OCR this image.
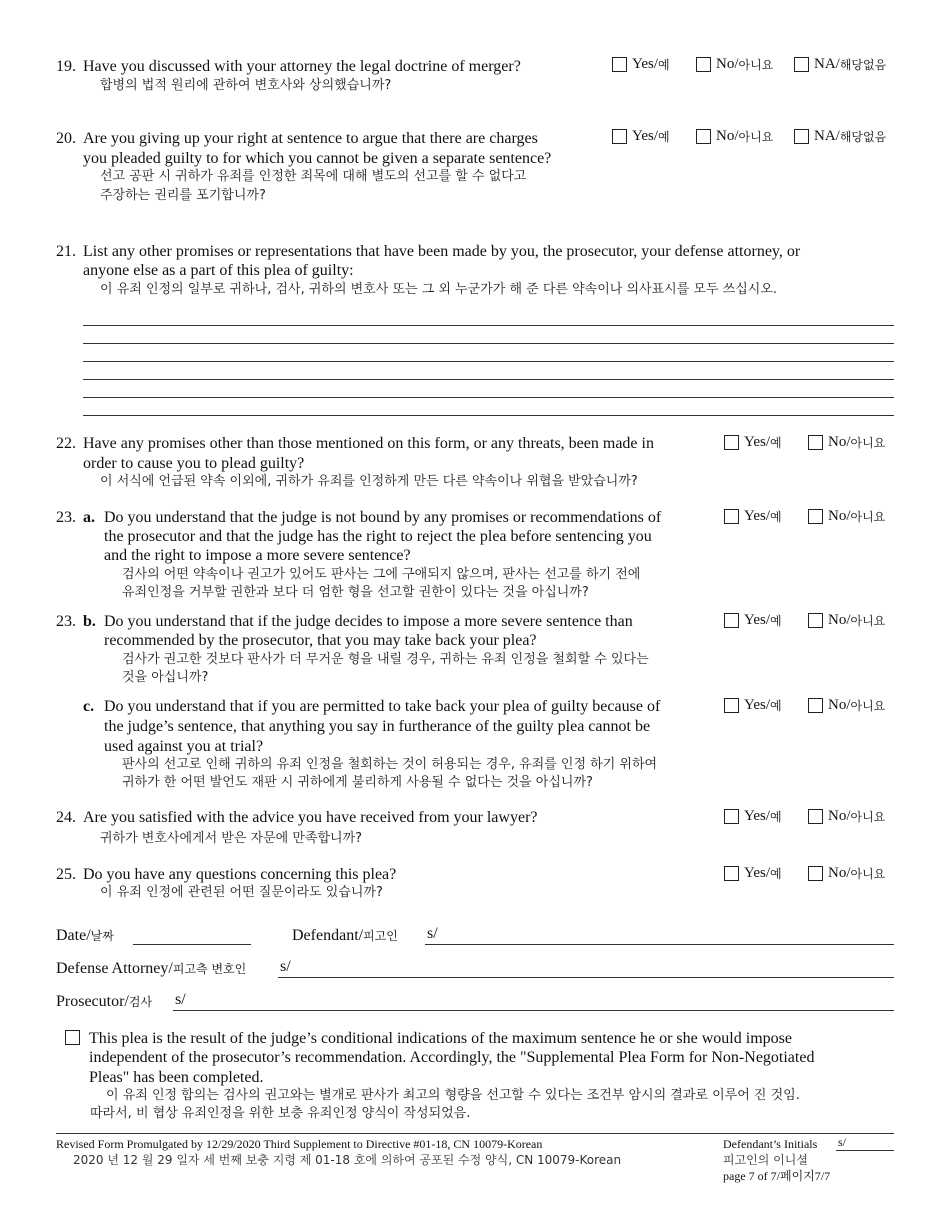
19. Have you discussed with your attorney the legal doctrine of merger?
합병의 법적 원리에 관하여 변호사와 상의했습니까?
Yes/ 예	No/ 아니요	NA/ 해당없음
20. Are you giving up your right at sentence to argue that there are charges
you pleaded guilty to for which you cannot be given a separate sentence?
선고 공판 시 귀하가 유죄를 인정한 죄목에 대해 별도의 선고를 할 수 없다고
주장하는 권리를 포기합니까?
Yes/ 예	No/ 아니요	NA/ 해당없음
21. List any other promises or representations that have been made by you, the prosecutor, your defense attorney, or
anyone else as a part of this plea of guilty:
이 유죄 인정의 일부로 귀하나, 검사, 귀하의 변호사 또는 그 외 누군가가 해 준 다른 약속이나 의사표시를 모두 쓰십시오.
22. Have any promises other than those mentioned on this form, or any threats, been made in
order to cause you to plead guilty?
이 서식에 언급된 약속 이외에, 귀하가 유죄를 인정하게 만든 다른 약속이나 위협을 받았습니까?
Yes/ 예	No/ 아니요
23. a. Do you understand that the judge is not bound by any promises or recommendations of
the prosecutor and that the judge has the right to reject the plea before sentencing you
and the right to impose a more severe sentence?
검사의 어떤 약속이나 권고가 있어도 판사는 그에 구애되지 않으며, 판사는 선고를 하기 전에
유죄인정을 거부할 권한과 보다 더 엄한 형을 선고할 권한이 있다는 것을 아십니까?
Yes/ 예	No/ 아니요
23. b. Do you understand that if the judge decides to impose a more severe sentence than
recommended by the prosecutor, that you may take back your plea?
검사가 권고한 것보다 판사가 더 무거운 형을 내릴 경우, 귀하는 유죄 인정을 철회할 수 있다는
것을 아십니까?
Yes/ 예	No/ 아니요
c. Do you understand that if you are permitted to take back your plea of guilty because of
the judge’s sentence, that anything you say in furtherance of the guilty plea cannot be
used against you at trial?
판사의 선고로 인해 귀하의 유죄 인정을 철회하는 것이 허용되는 경우, 유죄를 인정 하기 위하여
귀하가 한 어떤 발언도 재판 시 귀하에게 불리하게 사용될 수 없다는 것을 아십니까?
Yes/ 예	No/ 아니요
24. Are you satisfied with the advice you have received from your lawyer?
귀하가 변호사에게서 받은 자문에 만족합니까?
Yes/ 예	No/ 아니요
25. Do you have any questions concerning this plea?
이 유죄 인정에 관련된 어떤 질문이라도 있습니까?
Yes/ 예	No/ 아니요
Date/날짜	Defendant/피고인 s/
Defense Attorney/피고측 변호인 s/
Prosecutor/검사 s/
This plea is the result of the judge’s conditional indications of the maximum sentence he or she would impose
independent of the prosecutor’s recommendation. Accordingly, the "Supplemental Plea Form for Non-Negotiated
Pleas" has been completed.
이 유죄 인정 합의는 검사의 권고와는 별개로 판사가 최고의 형량을 선고할 수 있다는 조건부 암시의 결과로 이루어 진 것임.
따라서, 비 협상 유죄인정을 위한 보충 유죄인정 양식이 작성되었음.
Revised Form Promulgated by 12/29/2020 Third Supplement to Directive #01-18, CN 10079-Korean
2020 년 12 월 29 일자 세 번째 보충 지령 제 01-18 호에 의하여 공포된 수정 양식, CN 10079-Korean
Defendant’s Initials s/
피고인의 이니셜
page 7 of 7/페이지7/7
